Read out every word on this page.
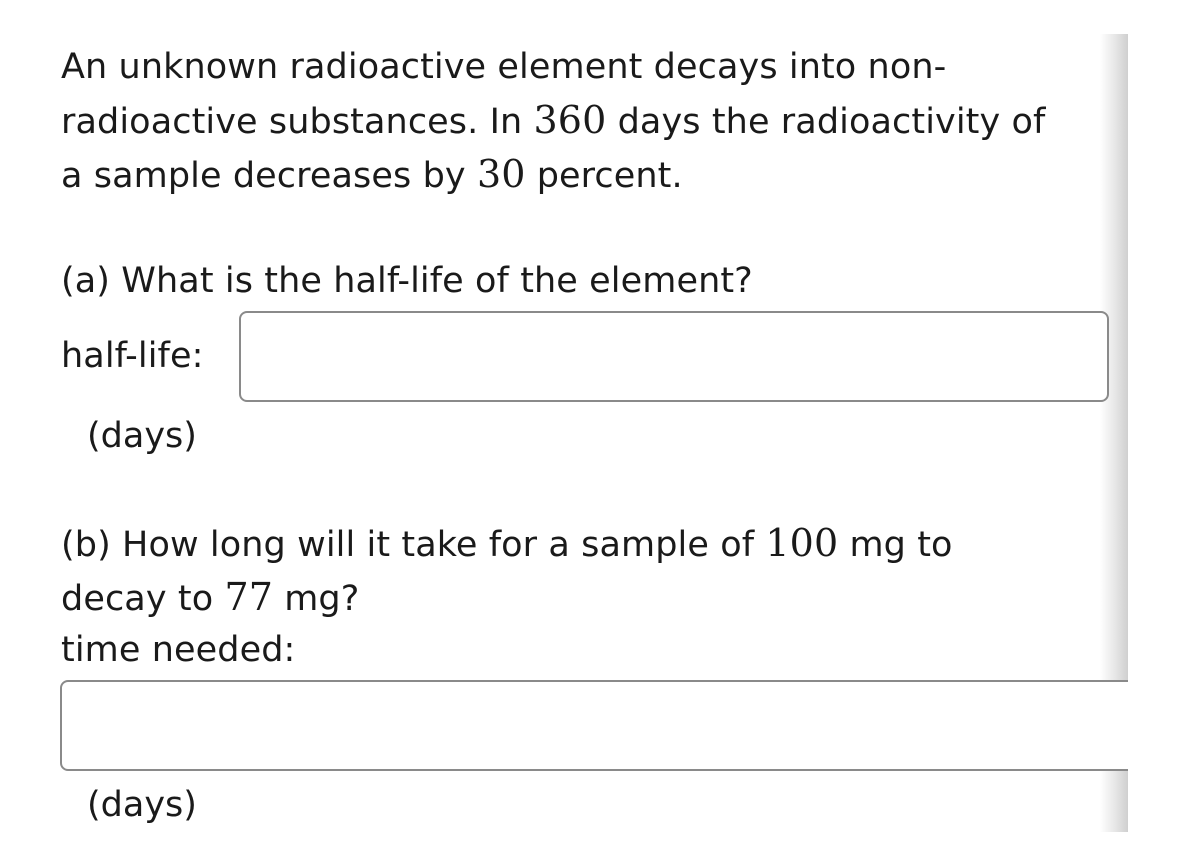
An unknown radioactive element decays into non-
radioactive substances. In 360 days the radioactivity of
a sample decreases by 30 percent.
(a) What is the half-life of the element?
half-life:
(days)
(b) How long will it take for a sample of 100 mg to
decay to 77 mg?
time needed:
(days)
